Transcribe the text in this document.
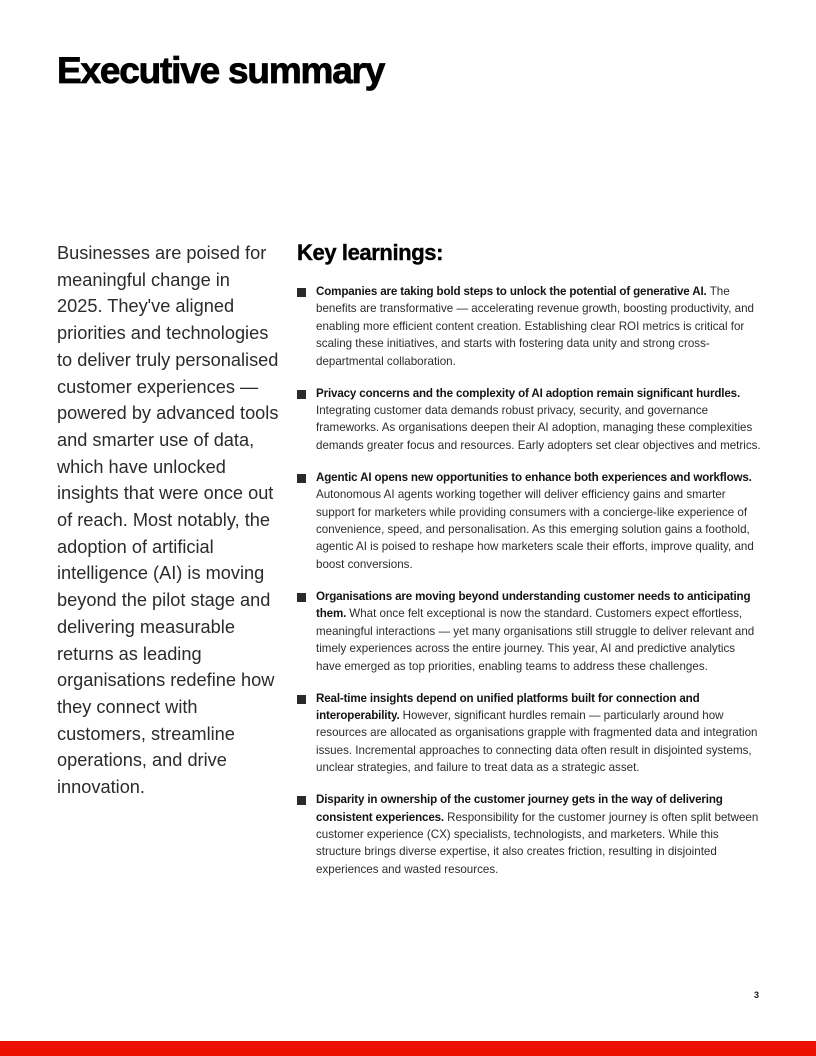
Executive summary

Businesses are poised for meaningful change in 2025. They've aligned priorities and technologies to deliver truly personalised customer experiences — powered by advanced tools and smarter use of data, which have unlocked insights that were once out of reach. Most notably, the adoption of artificial intelligence (AI) is moving beyond the pilot stage and delivering measurable returns as leading organisations redefine how they connect with customers, streamline operations, and drive innovation.

Key learnings:
Companies are taking bold steps to unlock the potential of generative AI. The benefits are transformative — accelerating revenue growth, boosting productivity, and enabling more efficient content creation. Establishing clear ROI metrics is critical for scaling these initiatives, and starts with fostering data unity and strong cross-departmental collaboration.
Privacy concerns and the complexity of AI adoption remain significant hurdles. Integrating customer data demands robust privacy, security, and governance frameworks. As organisations deepen their AI adoption, managing these complexities demands greater focus and resources. Early adopters set clear objectives and metrics.
Agentic AI opens new opportunities to enhance both experiences and workflows. Autonomous AI agents working together will deliver efficiency gains and smarter support for marketers while providing consumers with a concierge-like experience of convenience, speed, and personalisation. As this emerging solution gains a foothold, agentic AI is poised to reshape how marketers scale their efforts, improve quality, and boost conversions.
Organisations are moving beyond understanding customer needs to anticipating them. What once felt exceptional is now the standard. Customers expect effortless, meaningful interactions — yet many organisations still struggle to deliver relevant and timely experiences across the entire journey. This year, AI and predictive analytics have emerged as top priorities, enabling teams to address these challenges.
Real-time insights depend on unified platforms built for connection and interoperability. However, significant hurdles remain — particularly around how resources are allocated as organisations grapple with fragmented data and integration issues. Incremental approaches to connecting data often result in disjointed systems, unclear strategies, and failure to treat data as a strategic asset.
Disparity in ownership of the customer journey gets in the way of delivering consistent experiences. Responsibility for the customer journey is often split between customer experience (CX) specialists, technologists, and marketers. While this structure brings diverse expertise, it also creates friction, resulting in disjointed experiences and wasted resources.
3
